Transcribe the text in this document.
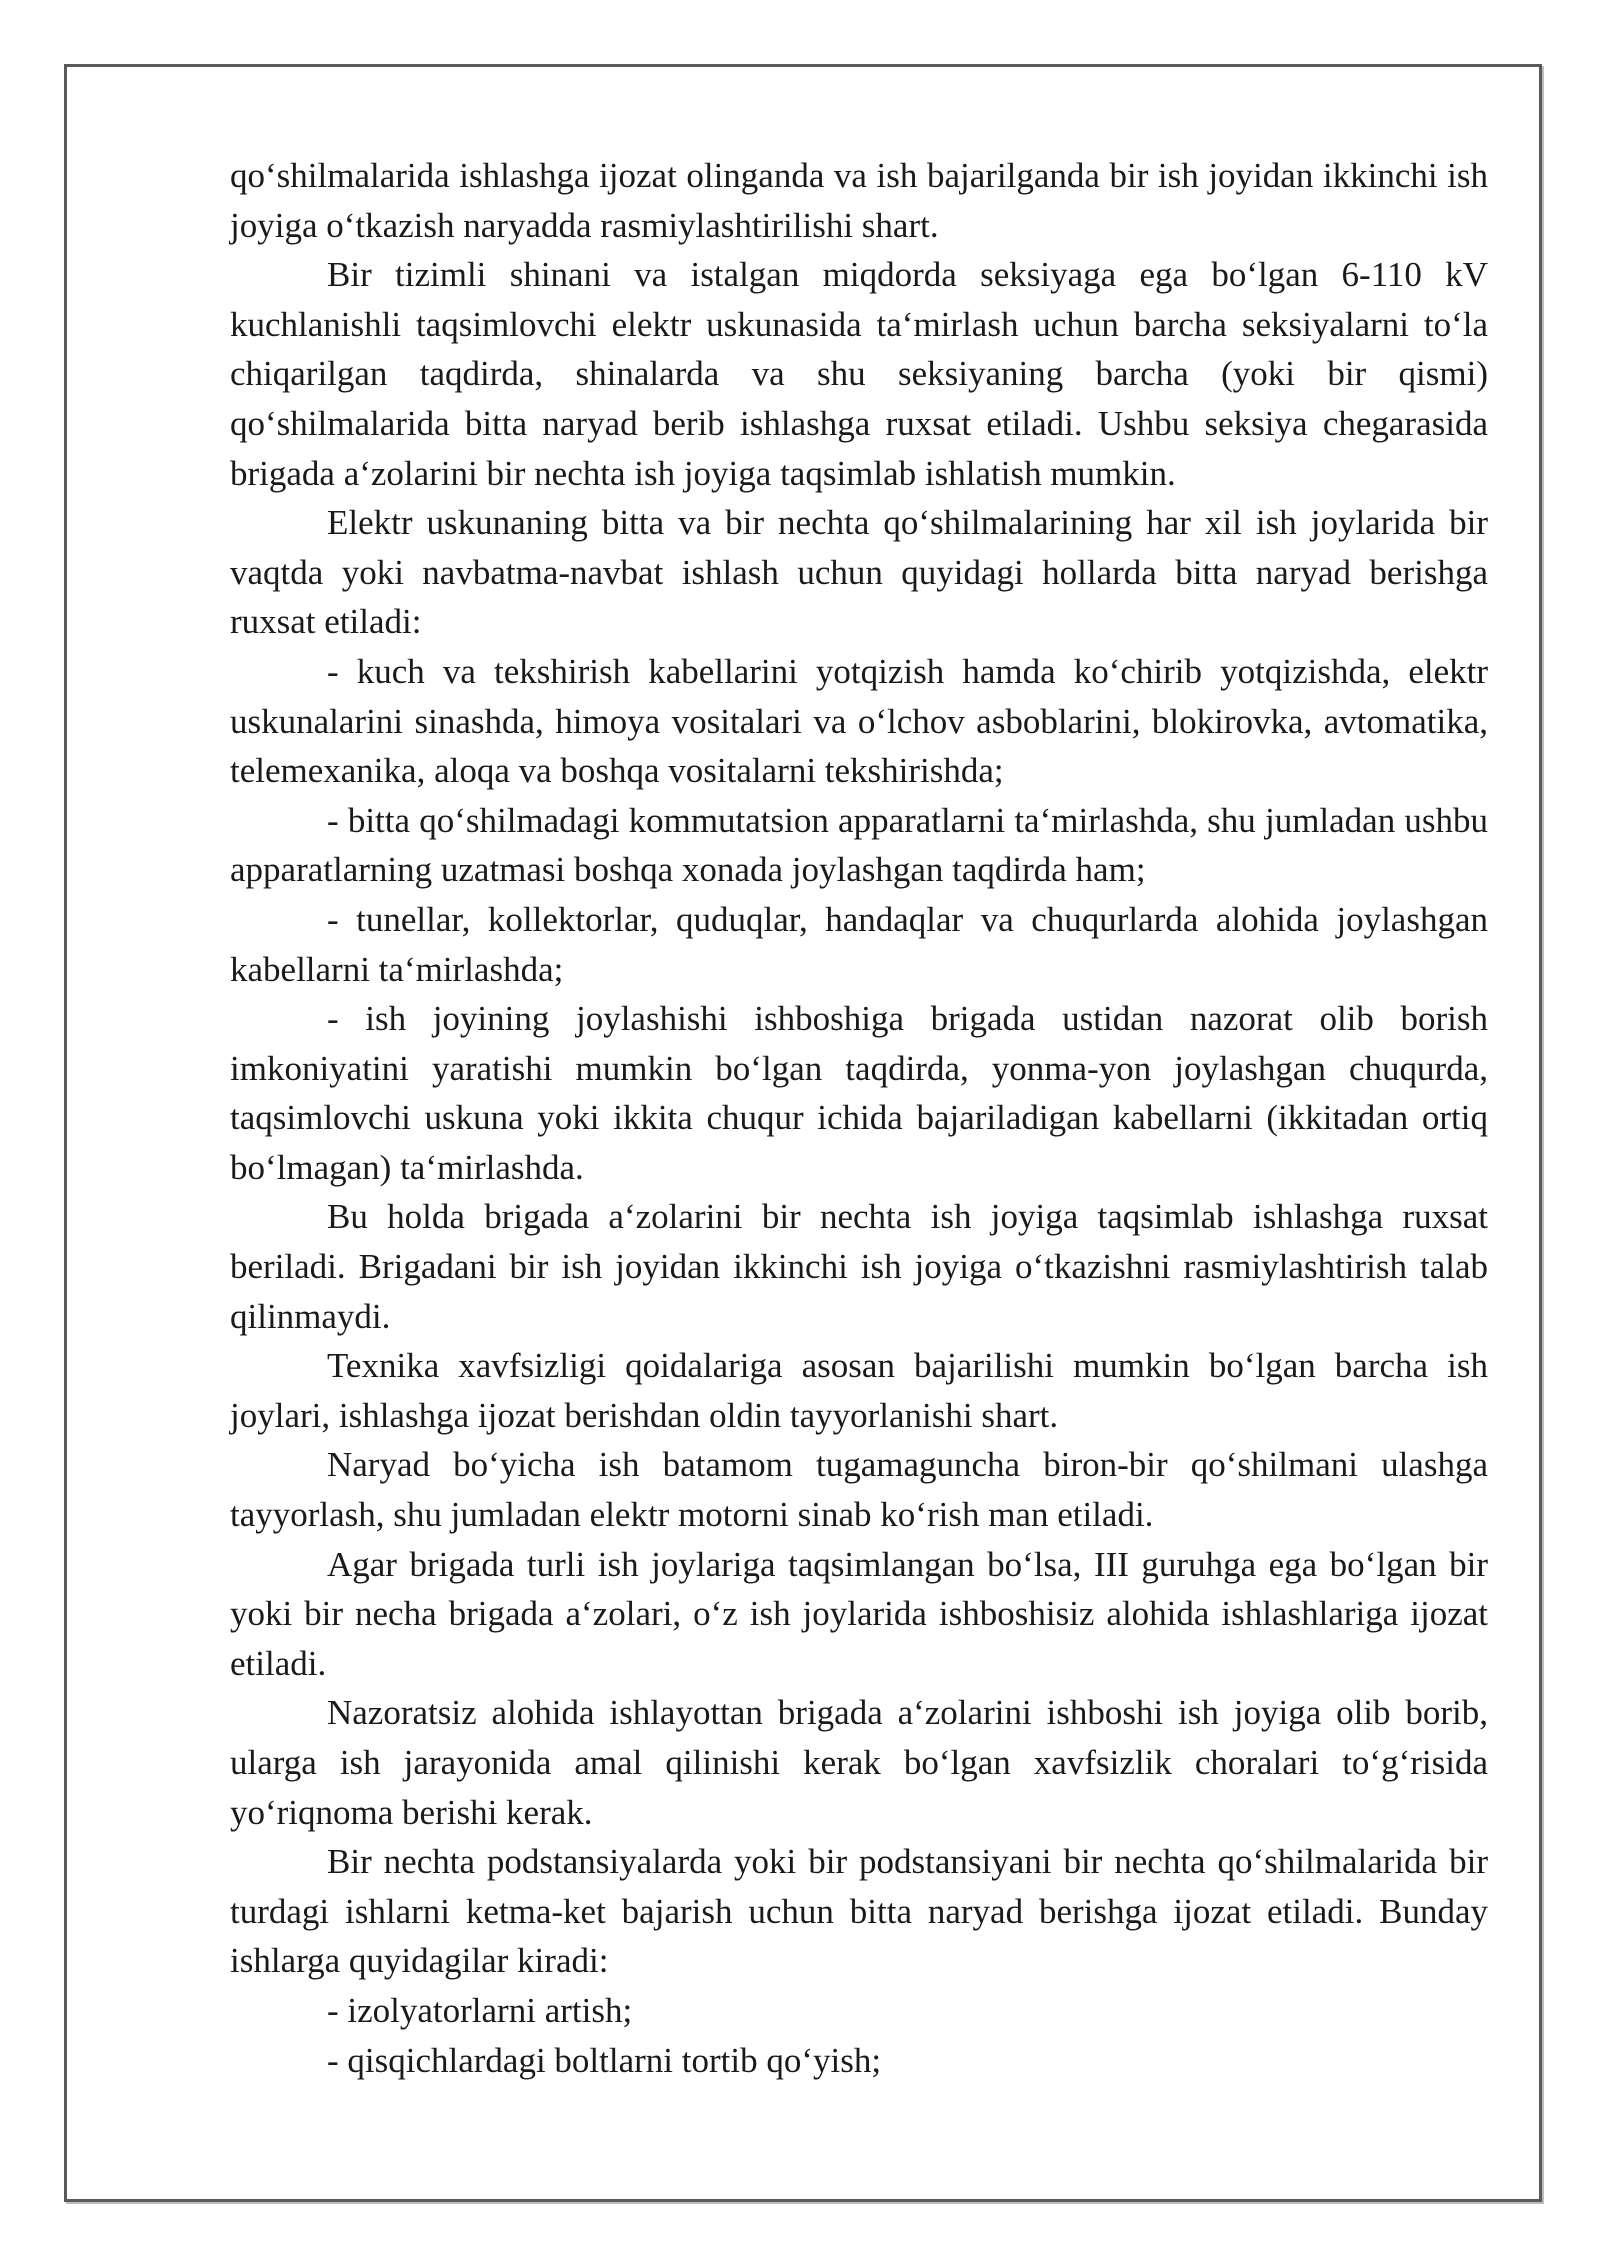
qo‘shilmalarida ishlashga ijozat olinganda va ish bajarilganda bir ish joyidan ikkinchi ish joyiga o‘tkazish naryadda rasmiylashtirilishi shart.

Bir tizimli shinani va istalgan miqdorda seksiyaga ega bo‘lgan 6-110 kV kuchlanishli taqsimlovchi elektr uskunasida ta‘mirlash uchun barcha seksiyalarni to‘la chiqarilgan taqdirda, shinalarda va shu seksiyaning barcha (yoki bir qismi) qo‘shilmalarida bitta naryad berib ishlashga ruxsat etiladi. Ushbu seksiya chegarasida brigada a‘zolarini bir nechta ish joyiga taqsimlab ishlatish mumkin.

Elektr uskunaning bitta va bir nechta qo‘shilmalarining har xil ish joylarida bir vaqtda yoki navbatma-navbat ishlash uchun quyidagi hollarda bitta naryad berishga ruxsat etiladi:

- kuch va tekshirish kabellarini yotqizish hamda ko‘chirib yotqizishda, elektr uskunalarini sinashda, himoya vositalari va o‘lchov asboblarini, blokirovka, avtomatika, telemexanika, aloqa va boshqa vositalarni tekshirishda;

- bitta qo‘shilmadagi kommutatsion apparatlarni ta‘mirlashda, shu jumladan ushbu apparatlarning uzatmasi boshqa xonada joylashgan taqdirda ham;

- tunellar, kollektorlar, quduqlar, handaqlar va chuqurlarda alohida joylashgan kabellarni ta‘mirlashda;

- ish joyining joylashishi ishboshiga brigada ustidan nazorat olib borish imkoniyatini yaratishi mumkin bo‘lgan taqdirda, yonma-yon joylashgan chuqurda, taqsimlovchi uskuna yoki ikkita chuqur ichida bajariladigan kabellarni (ikkitadan ortiq bo‘lmagan) ta‘mirlashda.

Bu holda brigada a‘zolarini bir nechta ish joyiga taqsimlab ishlashga ruxsat beriladi. Brigadani bir ish joyidan ikkinchi ish joyiga o‘tkazishni rasmiylashtirish talab qilinmaydi.

Texnika xavfsizligi qoidalariga asosan bajarilishi mumkin bo‘lgan barcha ish joylari, ishlashga ijozat berishdan oldin tayyorlanishi shart.

Naryad bo‘yicha ish batamom tugamaguncha biron-bir qo‘shilmani ulashga tayyorlash, shu jumladan elektr motorni sinab ko‘rish man etiladi.

Agar brigada turli ish joylariga taqsimlangan bo‘lsa, III guruhga ega bo‘lgan bir yoki bir necha brigada a‘zolari, o‘z ish joylarida ishboshisiz alohida ishlashlariga ijozat etiladi.

Nazoratsiz alohida ishlayottan brigada a‘zolarini ishboshi ish joyiga olib borib, ularga ish jarayonida amal qilinishi kerak bo‘lgan xavfsizlik choralari to‘g‘risida yo‘riqnoma berishi kerak.

Bir nechta podstansiyalarda yoki bir podstansiyani bir nechta qo‘shilmalarida bir turdagi ishlarni ketma-ket bajarish uchun bitta naryad berishga ijozat etiladi. Bunday ishlarga quyidagilar kiradi:

- izolyatorlarni artish;

- qisqichlardagi boltlarni tortib qo‘yish;
